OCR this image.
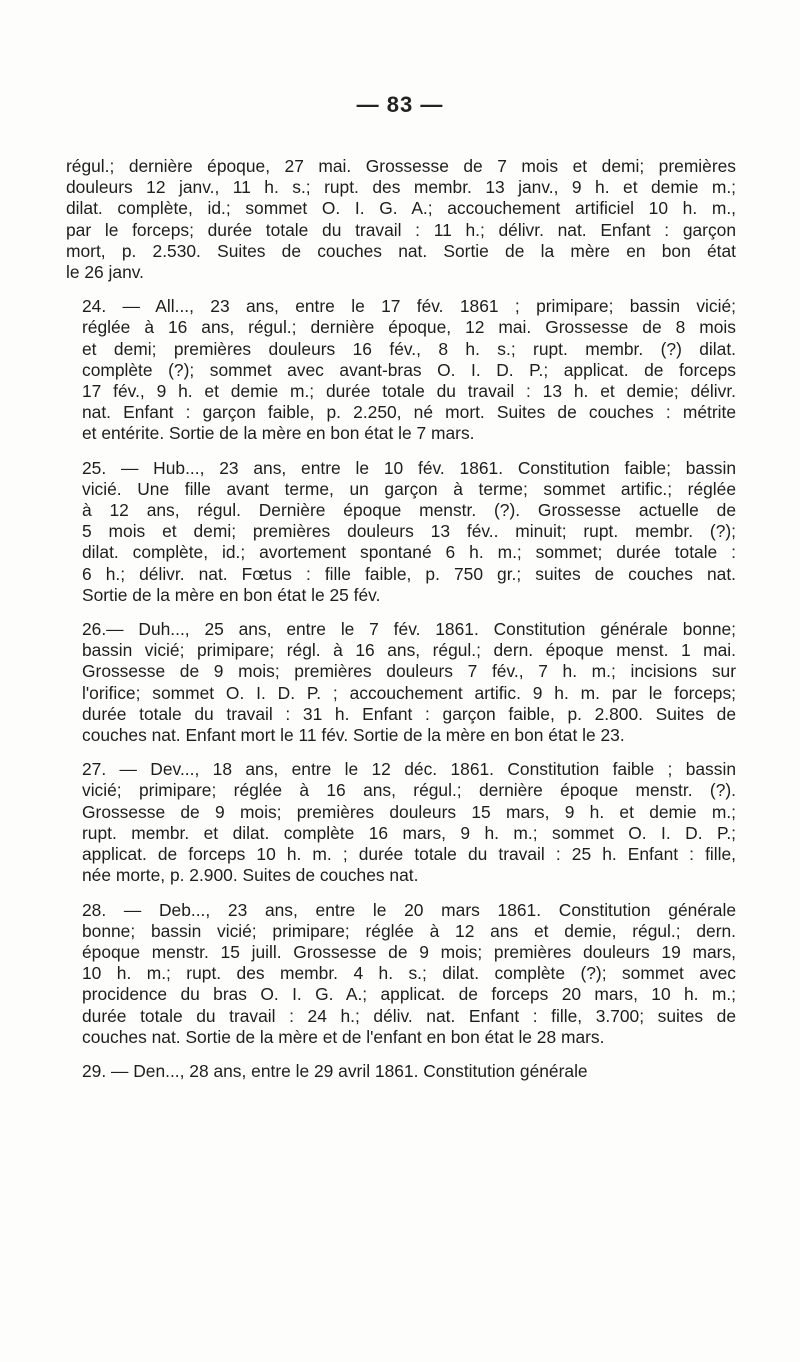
— 83 —

régul.; dernière époque, 27 mai. Grossesse de 7 mois et demi; premières
douleurs 12 janv., 11 h. s.; rupt. des membr. 13 janv., 9 h. et demie m.;
dilat. complète, id.; sommet O. I. G. A.; accouchement artificiel 10 h. m.,
par le forceps; durée totale du travail : 11 h.; délivr. nat. Enfant : garçon
mort, p. 2.530. Suites de couches nat. Sortie de la mère en bon état
le 26 janv.

24. — All..., 23 ans, entre le 17 fév. 1861 ; primipare; bassin vicié;
réglée à 16 ans, régul.; dernière époque, 12 mai. Grossesse de 8 mois
et demi; premières douleurs 16 fév., 8 h. s.; rupt. membr. (?) dilat.
complète (?); sommet avec avant-bras O. I. D. P.; applicat. de forceps
17 fév., 9 h. et demie m.; durée totale du travail : 13 h. et demie; délivr.
nat. Enfant : garçon faible, p. 2.250, né mort. Suites de couches : métrite
et entérite. Sortie de la mère en bon état le 7 mars.

25. — Hub..., 23 ans, entre le 10 fév. 1861. Constitution faible; bassin
vicié. Une fille avant terme, un garçon à terme; sommet artific.; réglée
à 12 ans, régul. Dernière époque menstr. (?). Grossesse actuelle de
5 mois et demi; premières douleurs 13 fév.. minuit; rupt. membr. (?);
dilat. complète, id.; avortement spontané 6 h. m.; sommet; durée totale :
6 h.; délivr. nat. Fœtus : fille faible, p. 750 gr.; suites de couches nat.
Sortie de la mère en bon état le 25 fév.

26.— Duh..., 25 ans, entre le 7 fév. 1861. Constitution générale bonne;
bassin vicié; primipare; régl. à 16 ans, régul.; dern. époque menst. 1 mai.
Grossesse de 9 mois; premières douleurs 7 fév., 7 h. m.; incisions sur
l'orifice; sommet O. I. D. P. ; accouchement artific. 9 h. m. par le forceps;
durée totale du travail : 31 h. Enfant : garçon faible, p. 2.800. Suites de
couches nat. Enfant mort le 11 fév. Sortie de la mère en bon état le 23.

27. — Dev..., 18 ans, entre le 12 déc. 1861. Constitution faible ; bassin
vicié; primipare; réglée à 16 ans, régul.; dernière époque menstr. (?).
Grossesse de 9 mois; premières douleurs 15 mars, 9 h. et demie m.;
rupt. membr. et dilat. complète 16 mars, 9 h. m.; sommet O. I. D. P.;
applicat. de forceps 10 h. m. ; durée totale du travail : 25 h. Enfant : fille,
née morte, p. 2.900. Suites de couches nat.

28. — Deb..., 23 ans, entre le 20 mars 1861. Constitution générale
bonne; bassin vicié; primipare; réglée à 12 ans et demie, régul.; dern.
époque menstr. 15 juill. Grossesse de 9 mois; premières douleurs 19 mars,
10 h. m.; rupt. des membr. 4 h. s.; dilat. complète (?); sommet avec
procidence du bras O. I. G. A.; applicat. de forceps 20 mars, 10 h. m.;
durée totale du travail : 24 h.; déliv. nat. Enfant : fille, 3.700; suites de
couches nat. Sortie de la mère et de l'enfant en bon état le 28 mars.

29. — Den..., 28 ans, entre le 29 avril 1861. Constitution générale
